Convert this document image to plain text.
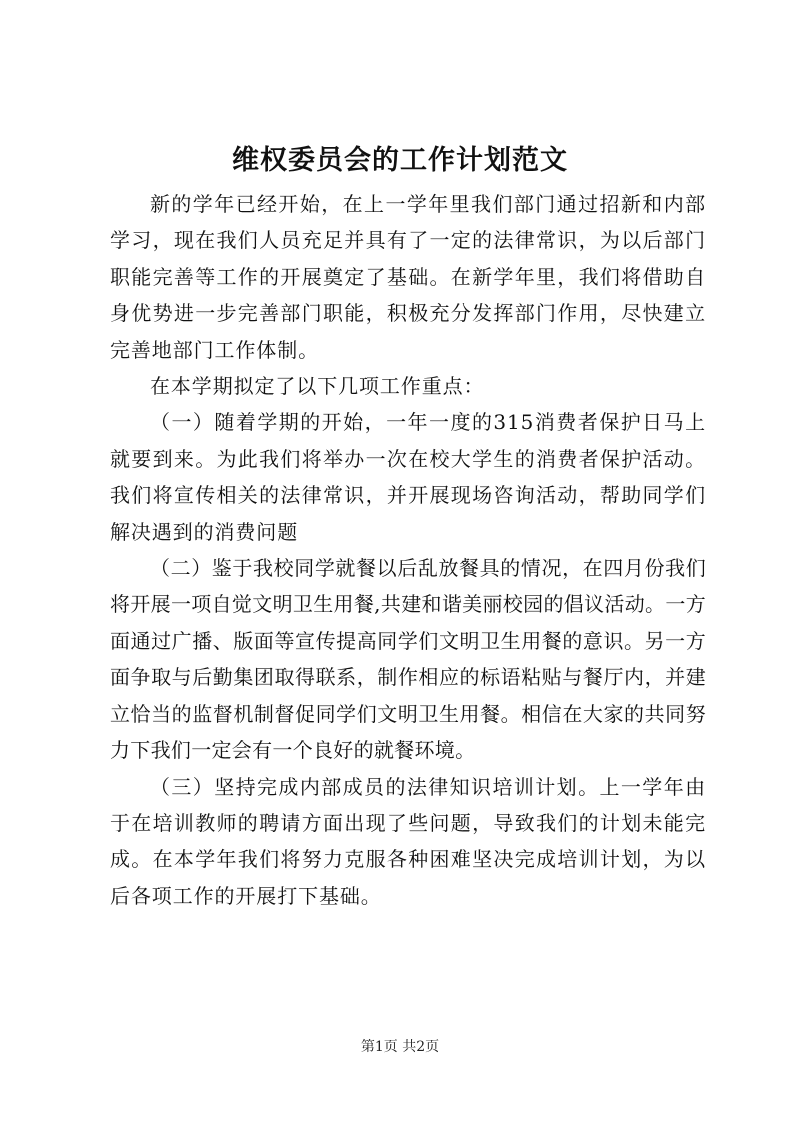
维权委员会的工作计划范文

新的学年已经开始，在上一学年里我们部门通过招新和内部学习，现在我们人员充足并具有了一定的法律常识，为以后部门职能完善等工作的开展奠定了基础。在新学年里，我们将借助自身优势进一步完善部门职能，积极充分发挥部门作用，尽快建立完善地部门工作体制。

在本学期拟定了以下几项工作重点：

（一）随着学期的开始，一年一度的315消费者保护日马上就要到来。为此我们将举办一次在校大学生的消费者保护活动。我们将宣传相关的法律常识，并开展现场咨询活动，帮助同学们解决遇到的消费问题

（二）鉴于我校同学就餐以后乱放餐具的情况，在四月份我们将开展一项自觉文明卫生用餐,共建和谐美丽校园的倡议活动。一方面通过广播、版面等宣传提高同学们文明卫生用餐的意识。另一方面争取与后勤集团取得联系，制作相应的标语粘贴与餐厅内，并建立恰当的监督机制督促同学们文明卫生用餐。相信在大家的共同努力下我们一定会有一个良好的就餐环境。

（三）坚持完成内部成员的法律知识培训计划。上一学年由于在培训教师的聘请方面出现了些问题，导致我们的计划未能完成。在本学年我们将努力克服各种困难坚决完成培训计划，为以后各项工作的开展打下基础。

第1页 共2页
